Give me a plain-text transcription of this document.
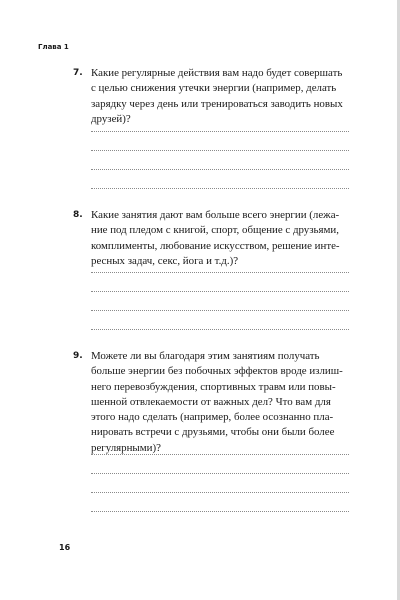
Глава 1
7. Какие регулярные действия вам надо будет совершать
с целью снижения утечки энергии (например, делать
зарядку через день или тренироваться заводить новых
друзей)?

8. Какие занятия дают вам больше всего энергии (лежа-
ние под пледом с книгой, спорт, общение с друзьями,
комплименты, любование искусством, решение инте-
ресных задач, секс, йога и т.д.)?

9. Можете ли вы благодаря этим занятиям получать
больше энергии без побочных эффектов вроде излиш-
него перевозбуждения, спортивных травм или повы-
шенной отвлекаемости от важных дел? Что вам для
этого надо сделать (например, более осознанно пла-
нировать встречи с друзьями, чтобы они были более
регулярными)?

16
